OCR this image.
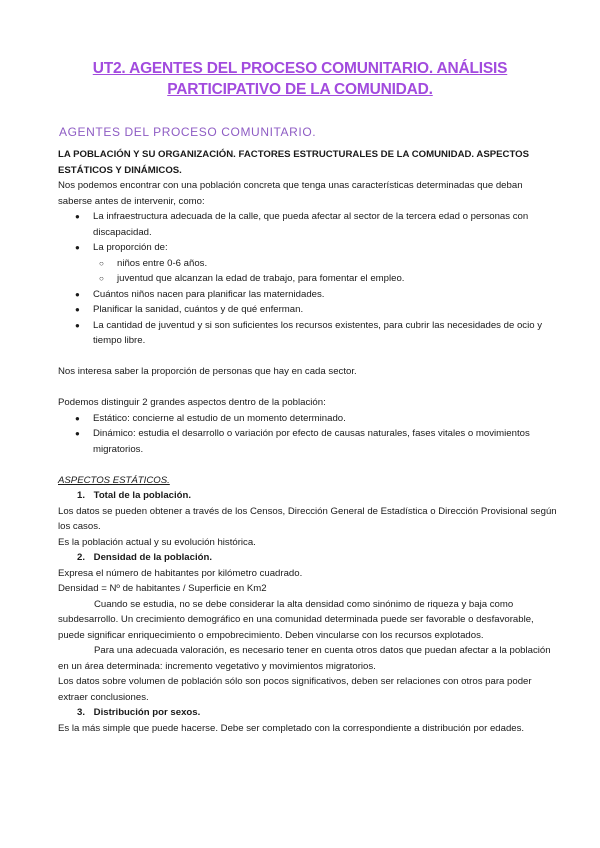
UT2. AGENTES DEL PROCESO COMUNITARIO. ANÁLISIS PARTICIPATIVO DE LA COMUNIDAD.
AGENTES DEL PROCESO COMUNITARIO.

LA POBLACIÓN Y SU ORGANIZACIÓN. FACTORES ESTRUCTURALES DE LA COMUNIDAD. ASPECTOS ESTÁTICOS Y DINÁMICOS.

Nos podemos encontrar con una población concreta que tenga unas características determinadas que deban saberse antes de intervenir, como:

● La infraestructura adecuada de la calle, que pueda afectar al sector de la tercera edad o personas con discapacidad.
● La proporción de:
○ niños entre 0-6 años.
○ juventud que alcanzan la edad de trabajo, para fomentar el empleo.
● Cuántos niños nacen para planificar las maternidades.
● Planificar la sanidad, cuántos y de qué enferman.
● La cantidad de juventud y si son suficientes los recursos existentes, para cubrir las necesidades de ocio y tiempo libre.

Nos interesa saber la proporción de personas que hay en cada sector.

Podemos distinguir 2 grandes aspectos dentro de la población:

● Estático: concierne al estudio de un momento determinado.
● Dinámico: estudia el desarrollo o variación por efecto de causas naturales, fases vitales o movimientos migratorios.

ASPECTOS ESTÁTICOS.

1. Total de la población.

Los datos se pueden obtener a través de los Censos, Dirección General de Estadística o Dirección Provisional según los casos.

Es la población actual y su evolución histórica.

2. Densidad de la población.

Expresa el número de habitantes por kilómetro cuadrado.

Densidad = Nº de habitantes / Superficie en Km2

Cuando se estudia, no se debe considerar la alta densidad como sinónimo de riqueza y baja como subdesarrollo. Un crecimiento demográfico en una comunidad determinada puede ser favorable o desfavorable, puede significar enriquecimiento o empobrecimiento. Deben vincularse con los recursos explotados.

Para una adecuada valoración, es necesario tener en cuenta otros datos que puedan afectar a la población en un área determinada: incremento vegetativo y movimientos migratorios.

Los datos sobre volumen de población sólo son pocos significativos, deben ser relaciones con otros para poder extraer conclusiones.

3. Distribución por sexos.

Es la más simple que puede hacerse. Debe ser completado con la correspondiente a distribución por edades.
